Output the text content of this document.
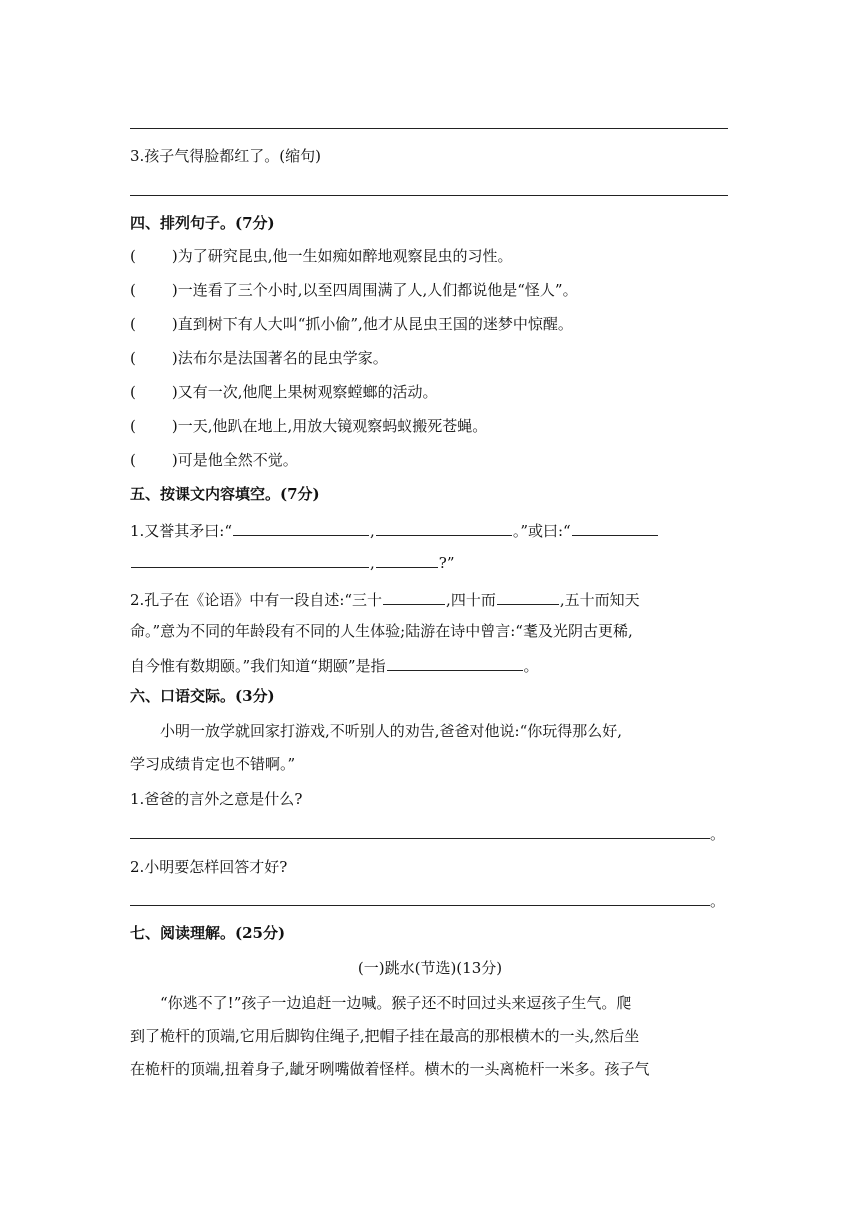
3.孩子气得脸都红了。(缩句)
四、排列句子。(7分)
( )为了研究昆虫,他一生如痴如醉地观察昆虫的习性。
( )一连看了三个小时,以至四周围满了人,人们都说他是“怪人”。
( )直到树下有人大叫“抓小偷”,他才从昆虫王国的迷梦中惊醒。
( )法布尔是法国著名的昆虫学家。
( )又有一次,他爬上果树观察螳螂的活动。
( )一天,他趴在地上,用放大镜观察蚂蚁搬死苍蝇。
( )可是他全然不觉。
五、按课文内容填空。(7分)
1.又誉其矛曰:“	,	。”或曰:“
,	?”
2.孔子在《论语》中有一段自述:“三十	,四十而	,五十而知天
命。”意为不同的年龄段有不同的人生体验;陆游在诗中曾言:“耄及光阴古更稀,
自今惟有数期颐。”我们知道“期颐”是指	。
六、口语交际。(3分)
小明一放学就回家打游戏,不听别人的劝告,爸爸对他说:“你玩得那么好,
学习成绩肯定也不错啊。”
1.爸爸的言外之意是什么?
。
2.小明要怎样回答才好?
。
七、阅读理解。(25分)
(一)跳水(节选)(13分)
“你逃不了!”孩子一边追赶一边喊。猴子还不时回过头来逗孩子生气。爬
到了桅杆的顶端,它用后脚钩住绳子,把帽子挂在最高的那根横木的一头,然后坐
在桅杆的顶端,扭着身子,龇牙咧嘴做着怪样。横木的一头离桅杆一米多。孩子气
